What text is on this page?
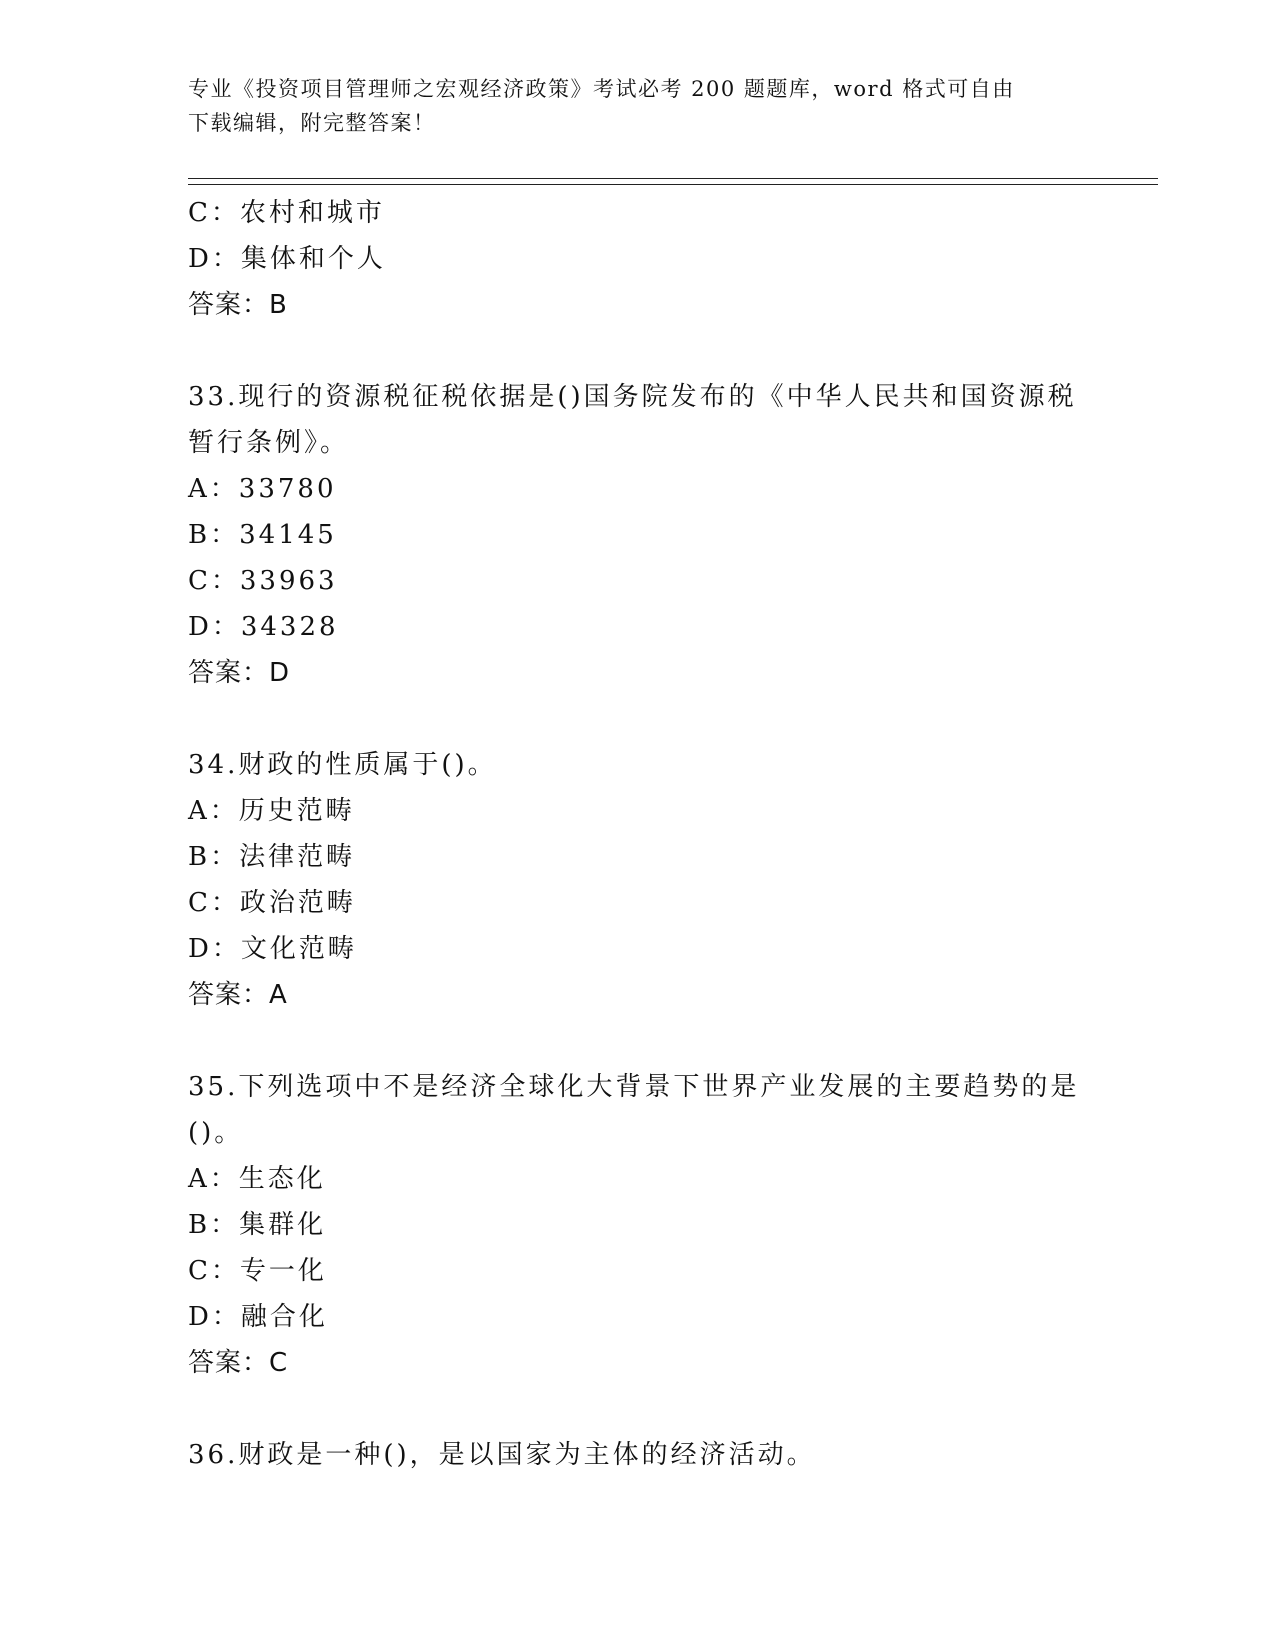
专业《投资项目管理师之宏观经济政策》考试必考 200 题题库，word 格式可自由
下载编辑，附完整答案！
C：农村和城市
D：集体和个人
答案：B
33.现行的资源税征税依据是()国务院发布的《中华人民共和国资源税
暂行条例》。
A：33780
B：34145
C：33963
D：34328
答案：D
34.财政的性质属于()。
A：历史范畴
B：法律范畴
C：政治范畴
D：文化范畴
答案：A
35.下列选项中不是经济全球化大背景下世界产业发展的主要趋势的是
()。
A：生态化
B：集群化
C：专一化
D：融合化
答案：C
36.财政是一种()，是以国家为主体的经济活动。
